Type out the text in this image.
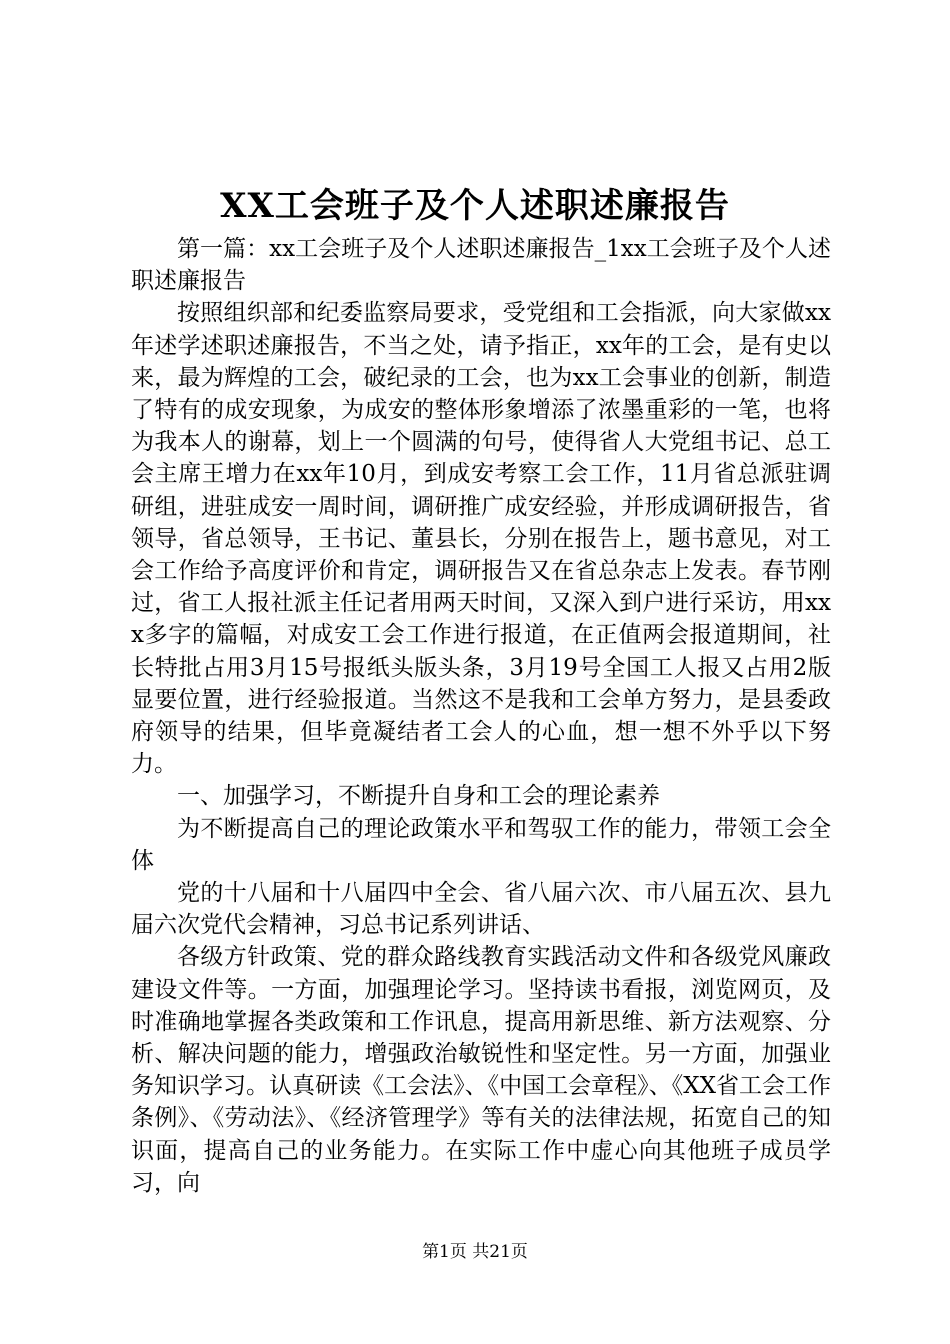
XX工会班子及个人述职述廉报告

第一篇：xx工会班子及个人述职述廉报告_1xx工会班子及个人述职述廉报告

按照组织部和纪委监察局要求，受党组和工会指派，向大家做xx年述学述职述廉报告，不当之处，请予指正，xx年的工会，是有史以来，最为辉煌的工会，破纪录的工会，也为xx工会事业的创新，制造了特有的成安现象，为成安的整体形象增添了浓墨重彩的一笔，也将为我本人的谢幕，划上一个圆满的句号，使得省人大党组书记、总工会主席王增力在xx年10月，到成安考察工会工作，11月省总派驻调研组，进驻成安一周时间，调研推广成安经验，并形成调研报告，省领导，省总领导，王书记、董县长，分别在报告上，题书意见，对工会工作给予高度评价和肯定，调研报告又在省总杂志上发表。春节刚过，省工人报社派主任记者用两天时间，又深入到户进行采访，用xxx多字的篇幅，对成安工会工作进行报道，在正值两会报道期间，社长特批占用3月15号报纸头版头条，3月19号全国工人报又占用2版显要位置，进行经验报道。当然这不是我和工会单方努力，是县委政府领导的结果，但毕竟凝结者工会人的心血，想一想不外乎以下努力。

一、加强学习，不断提升自身和工会的理论素养

为不断提高自己的理论政策水平和驾驭工作的能力，带领工会全体

党的十八届和十八届四中全会、省八届六次、市八届五次、县九届六次党代会精神，习总书记系列讲话、

各级方针政策、党的群众路线教育实践活动文件和各级党风廉政建设文件等。一方面，加强理论学习。坚持读书看报，浏览网页，及时准确地掌握各类政策和工作讯息，提高用新思维、新方法观察、分析、解决问题的能力，增强政治敏锐性和坚定性。另一方面，加强业务知识学习。认真研读《工会法》、《中国工会章程》、《XX省工会工作条例》、《劳动法》、《经济管理学》等有关的法律法规，拓宽自己的知识面，提高自己的业务能力。在实际工作中虚心向其他班子成员学习，向

第1页 共21页
